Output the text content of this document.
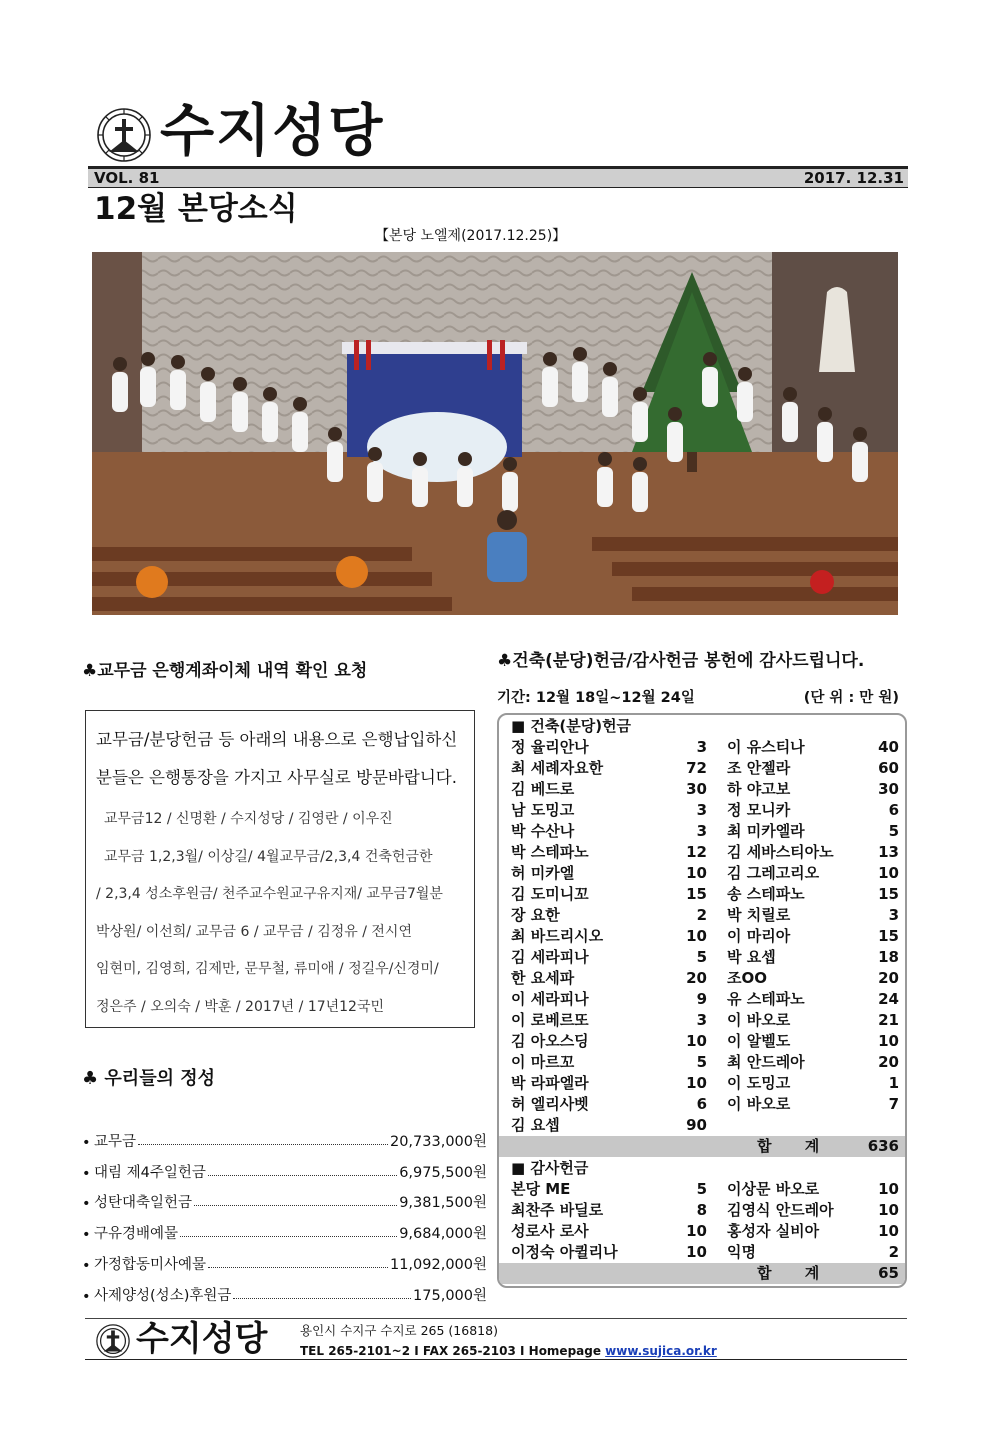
수지성당
VOL. 81	2017. 12.31
12월 본당소식
【본당 노엘제(2017.12.25)】
♣교무금 은행계좌이체 내역 확인 요청
교무금/분당헌금 등 아래의 내용으로 은행납입하신
분들은 은행통장을 가지고 사무실로 방문바랍니다.
교무금12 / 신명환 / 수지성당 / 김영란 / 이우진
교무금 1,2,3월/ 이상길/ 4월교무금/2,3,4 건축헌금한
/ 2,3,4 성소후원금/ 천주교수원교구유지재/ 교무금7월분
박상원/ 이선희/ 교무금 6 / 교무금 / 김정유 / 전시연
임현미, 김영희, 김제만, 문무철, 류미애 / 정길우/신경미/
정은주 / 오의숙 / 박훈 / 2017년 / 17년12국민
♣ 우리들의 정성
• 교무금	20,733,000원
• 대림 제4주일헌금	6,975,500원
• 성탄대축일헌금	9,381,500원
• 구유경배예물	9,684,000원
• 가정합동미사예물	11,092,000원
• 사제양성(성소)후원금	175,000원
♣건축(분당)헌금/감사헌금 봉헌에 감사드립니다.
기간: 12월 18일~12월 24일	(단 위 : 만 원)
■ 건축(분당)헌금
정 율리안나	3 이 유스티나	40
최 세례자요한	72 조 안젤라	60
김 베드로	30 하 야고보	30
남 도밍고	3 정 모니카	6
박 수산나	3 최 미카엘라	5
박 스테파노	12 김 세바스티아노	13
허 미카엘	10 김 그레고리오	10
김 도미니꼬	15 송 스테파노	15
장 요한	2 박 치릴로	3
최 바드리시오	10 이 마리아	15
김 세라피나	5 박 요셉	18
한 요세파	20 조OO	20
이 세라피나	9 유 스테파노	24
이 로베르또	3 이 바오로	21
김 아오스딩	10 이 알벨도	10
이 마르꼬	5 최 안드레아	20
박 라파엘라	10 이 도밍고	1
허 엘리사벳	6 이 바오로	7
김 요셉	90
합 계 636
■ 감사헌금
본당 ME	5 이상문 바오로	10
최찬주 바딜로	8 김영식 안드레아	10
성로사 로사	10 홍성자 실비아	10
이정숙 아퀼리나	10 익명	2
합 계	65
수지성당	용인시 수지구 수지로 265 (16818)
TEL 265-2101~2 I FAX 265-2103 I Homepage www.sujica.or.kr
